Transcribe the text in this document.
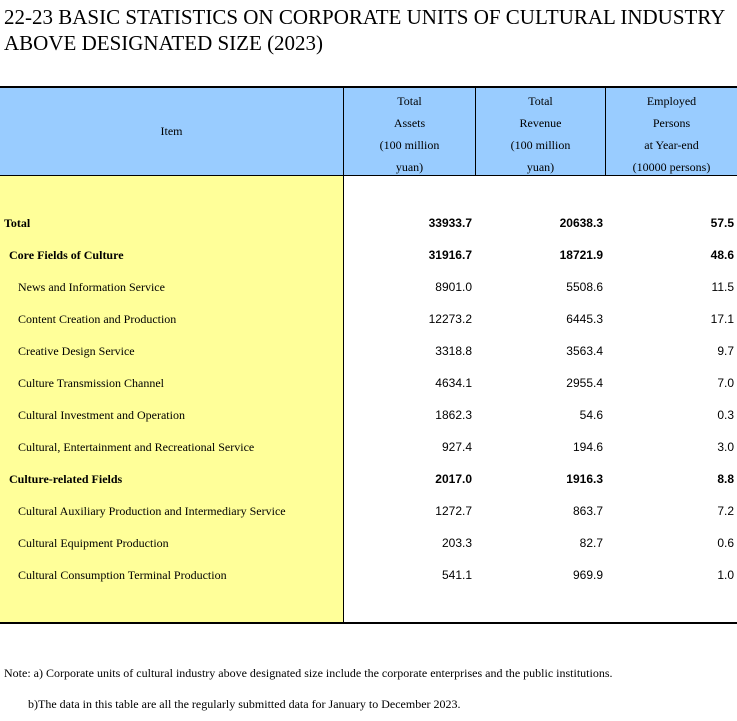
22-23 BASIC STATISTICS ON CORPORATE UNITS OF CULTURAL INDUSTRY
ABOVE DESIGNATED SIZE (2023)
Item
Total
Assets
(100 million
yuan)
Total
Revenue
(100 million
yuan)
Employed
Persons
at Year-end
(10000 persons)
Total	33933.7	20638.3	57.5
Core Fields of Culture	31916.7	18721.9	48.6
News and Information Service	8901.0	5508.6	11.5
Content Creation and Production	12273.2	6445.3	17.1
Creative Design Service	3318.8	3563.4	9.7
Culture Transmission Channel	4634.1	2955.4	7.0
Cultural Investment and Operation	1862.3	54.6	0.3
Cultural, Entertainment and Recreational Service	927.4	194.6	3.0
Culture-related Fields	2017.0	1916.3	8.8
Cultural Auxiliary Production and Intermediary Service	1272.7	863.7	7.2
Cultural Equipment Production	203.3	82.7	0.6
Cultural Consumption Terminal Production	541.1	969.9	1.0
Note: a) Corporate units of cultural industry above designated size include the corporate enterprises and the public institutions.
b)The data in this table are all the regularly submitted data for January to December 2023.
